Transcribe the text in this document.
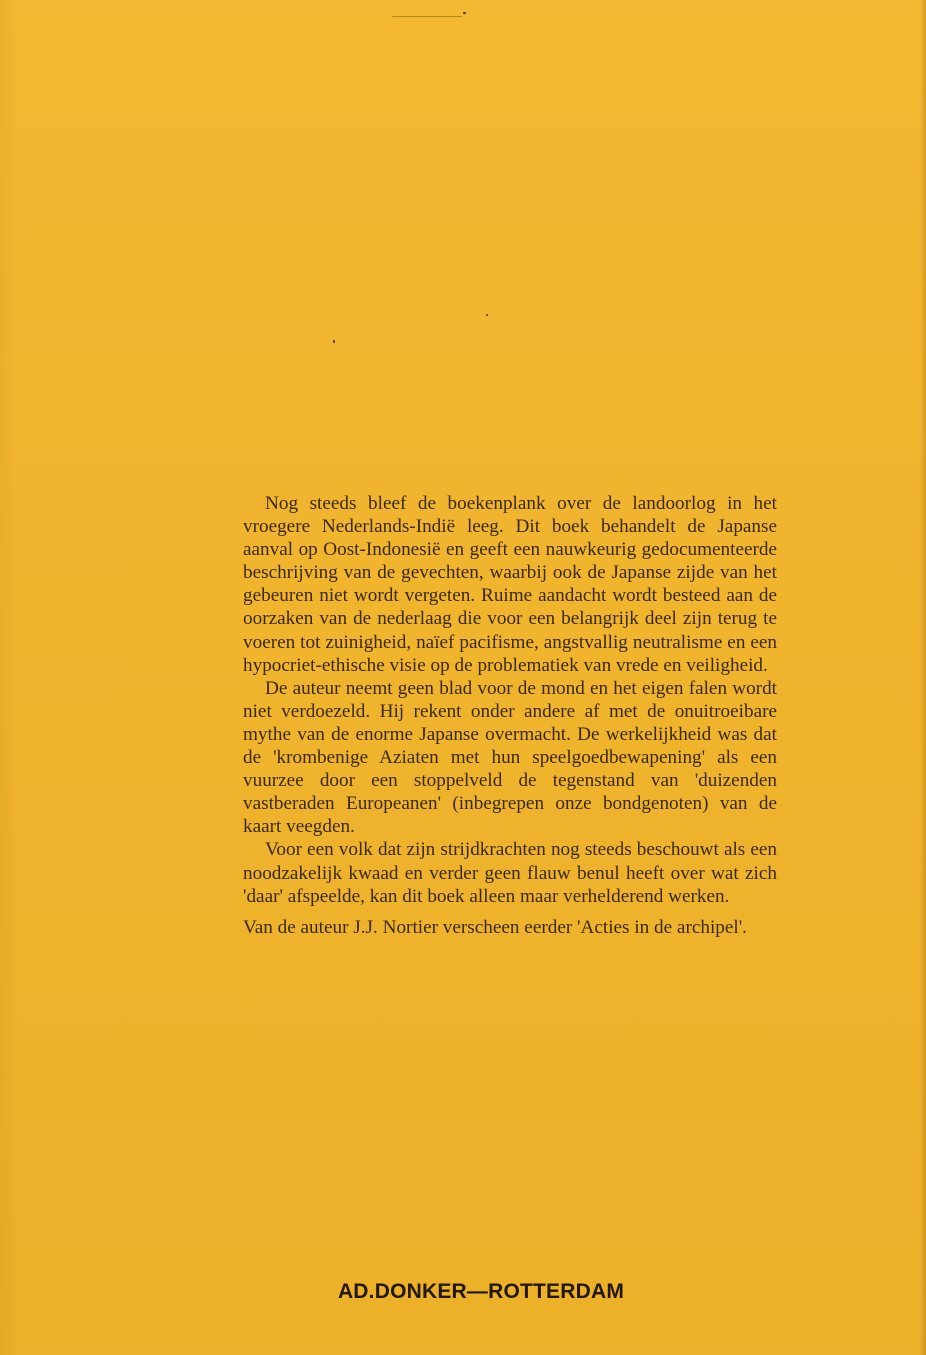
Nog steeds bleef de boekenplank over de landoorlog in het vroegere Nederlands-Indië leeg. Dit boek behandelt de Japanse aanval op Oost-Indonesië en geeft een nauwkeurig gedocumenteerde beschrijving van de gevechten, waarbij ook de Japanse zijde van het gebeuren niet wordt vergeten. Ruime aandacht wordt besteed aan de oorzaken van de nederlaag die voor een belangrijk deel zijn terug te voeren tot zuinigheid, naïef pacifisme, angstvallig neutralisme en een hypocriet-ethische visie op de problematiek van vrede en veiligheid.

De auteur neemt geen blad voor de mond en het eigen falen wordt niet verdoezeld. Hij rekent onder andere af met de onuitroeibare mythe van de enorme Japanse overmacht. De werkelijkheid was dat de 'krombenige Aziaten met hun speelgoedbewapening' als een vuurzee door een stoppelveld de tegenstand van 'duizenden vastberaden Europeanen' (inbegrepen onze bondgenoten) van de kaart veegden.

Voor een volk dat zijn strijdkrachten nog steeds beschouwt als een noodzakelijk kwaad en verder geen flauw benul heeft over wat zich 'daar' afspeelde, kan dit boek alleen maar verhelderend werken.

Van de auteur J.J. Nortier verscheen eerder 'Acties in de archipel'.

AD.DONKER—ROTTERDAM
